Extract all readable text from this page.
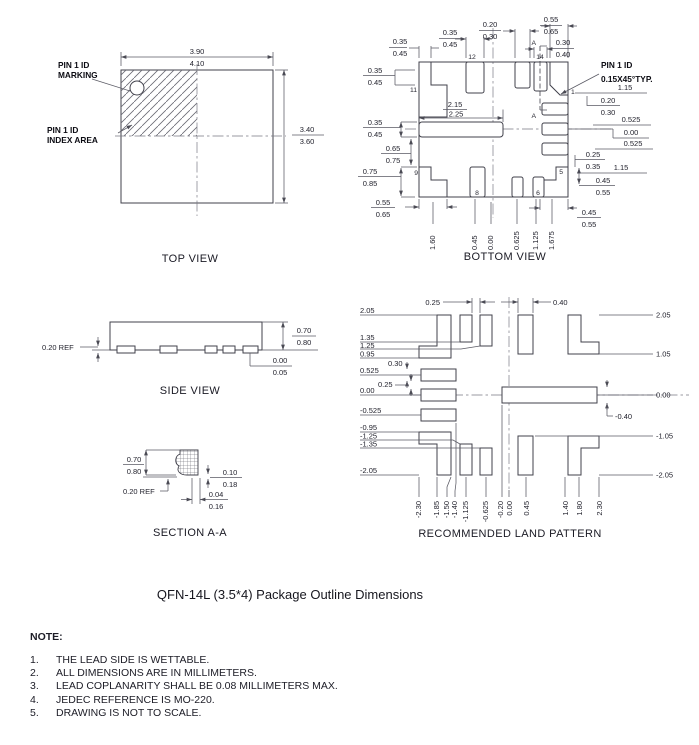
3.90
4.10
3.40
3.60
PIN 1 ID
MARKING
PIN 1 ID
INDEX AREA
TOP VIEW
A
A
11
12	14
1
5
9
8	6
0.35
0.45
0.35
0.45
0.20
0.30
0.55
0.65
0.30
0.40
PIN 1 ID
0.15X45°TYP.
1.15
0.20
0.30
0.525
0.00
0.525
0.25
0.35 1.15
0.45
0.55
0.45
0.55
0.35
0.45
0.35
0.45
0.65
0.75
0.75
0.85
0.55
0.65
2.15
2.25
1.60	0.45 0.00 0.625 1.125 1.675
BOTTOM VIEW
0.70
0.80
0.00
0.05
0.20 REF
SIDE VIEW
0.70
0.80
0.20 REF
0.10
0.18
0.04
0.16
SECTION A-A
0.25	0.40
2.05
1.35
1.25
0.95
0.525
0.30
0.25
0.00
-0.525
-0.95
-1.25
-1.35
-2.05
2.05
1.05
0.00
-0.40
-1.05
-2.05
-2.30 -1.85 -1.50 -1.40 -1.125 -0.625 -0.20 0.00 0.45	1.40 1.80 2.30
RECOMMENDED LAND PATTERN
QFN-14L (3.5*4) Package Outline Dimensions
NOTE:
1.	THE LEAD SIDE IS WETTABLE.
2.	ALL DIMENSIONS ARE IN MILLIMETERS.
3.	LEAD COPLANARITY SHALL BE 0.08 MILLIMETERS MAX.
4.	JEDEC REFERENCE IS MO-220.
5.	DRAWING IS NOT TO SCALE.
